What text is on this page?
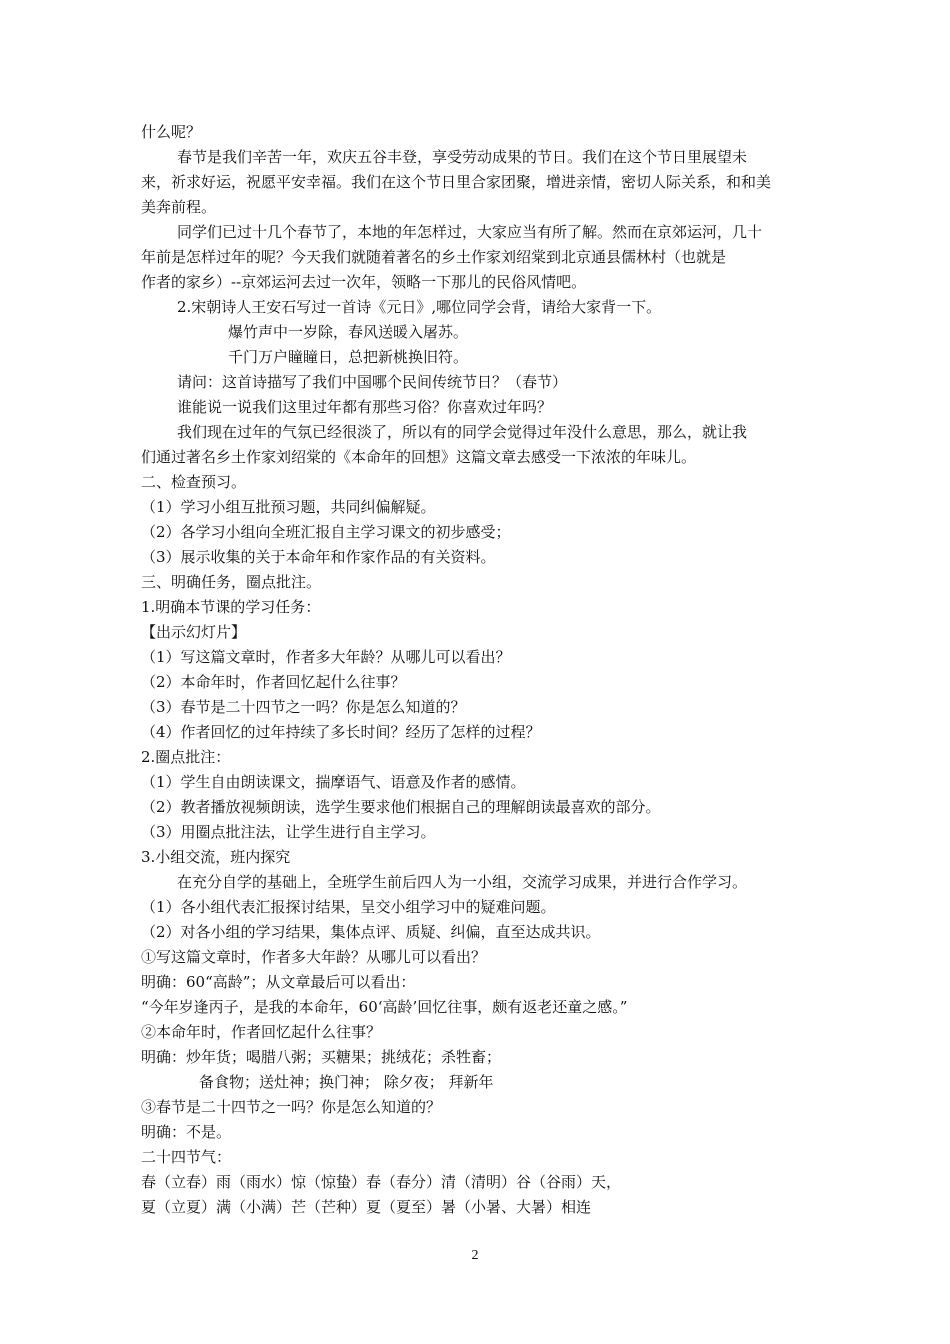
什么呢？
春节是我们辛苦一年，欢庆五谷丰登，享受劳动成果的节日。我们在这个节日里展望未
来，祈求好运，祝愿平安幸福。我们在这个节日里合家团聚，增进亲情，密切人际关系，和和美
美奔前程。
同学们已过十几个春节了，本地的年怎样过，大家应当有所了解。然而在京郊运河，几十
年前是怎样过年的呢？今天我们就随着著名的乡土作家刘绍棠到北京通县儒林村（也就是
作者的家乡）--京郊运河去过一次年，领略一下那儿的民俗风情吧。
2.宋朝诗人王安石写过一首诗《元日》,哪位同学会背，请给大家背一下。
爆竹声中一岁除，春风送暖入屠苏。
千门万户瞳瞳日，总把新桃换旧符。
请问：这首诗描写了我们中国哪个民间传统节日？（春节）
谁能说一说我们这里过年都有那些习俗？你喜欢过年吗？
我们现在过年的气氛已经很淡了，所以有的同学会觉得过年没什么意思，那么，就让我
们通过著名乡土作家刘绍棠的《本命年的回想》这篇文章去感受一下浓浓的年味儿。
二、检查预习。
（1）学习小组互批预习题，共同纠偏解疑。
（2）各学习小组向全班汇报自主学习课文的初步感受；
（3）展示收集的关于本命年和作家作品的有关资料。
三、明确任务，圈点批注。
1.明确本节课的学习任务：
【出示幻灯片】
（1）写这篇文章时，作者多大年龄？从哪儿可以看出？
（2）本命年时，作者回忆起什么往事？
（3）春节是二十四节之一吗？你是怎么知道的？
（4）作者回忆的过年持续了多长时间？经历了怎样的过程？
2.圈点批注：
（1）学生自由朗读课文，揣摩语气、语意及作者的感情。
（2）教者播放视频朗读，选学生要求他们根据自己的理解朗读最喜欢的部分。
（3）用圈点批注法，让学生进行自主学习。
3.小组交流，班内探究
在充分自学的基础上，全班学生前后四人为一小组，交流学习成果，并进行合作学习。
（1）各小组代表汇报探讨结果，呈交小组学习中的疑难问题。
（2）对各小组的学习结果，集体点评、质疑、纠偏，直至达成共识。
①写这篇文章时，作者多大年龄？从哪儿可以看出？
明确：60“高龄”；从文章最后可以看出：
“今年岁逢丙子，是我的本命年，60‘高龄’回忆往事，颇有返老还童之感。”
②本命年时，作者回忆起什么往事？
明确：炒年货；喝腊八粥；买糖果；挑绒花；杀牲畜；
备食物；送灶神；换门神； 除夕夜； 拜新年
③春节是二十四节之一吗？你是怎么知道的？
明确：不是。
二十四节气：
春（立春）雨（雨水）惊（惊蛰）春（春分）清（清明）谷（谷雨）天，
夏（立夏）满（小满）芒（芒种）夏（夏至）暑（小暑、大暑）相连
2
